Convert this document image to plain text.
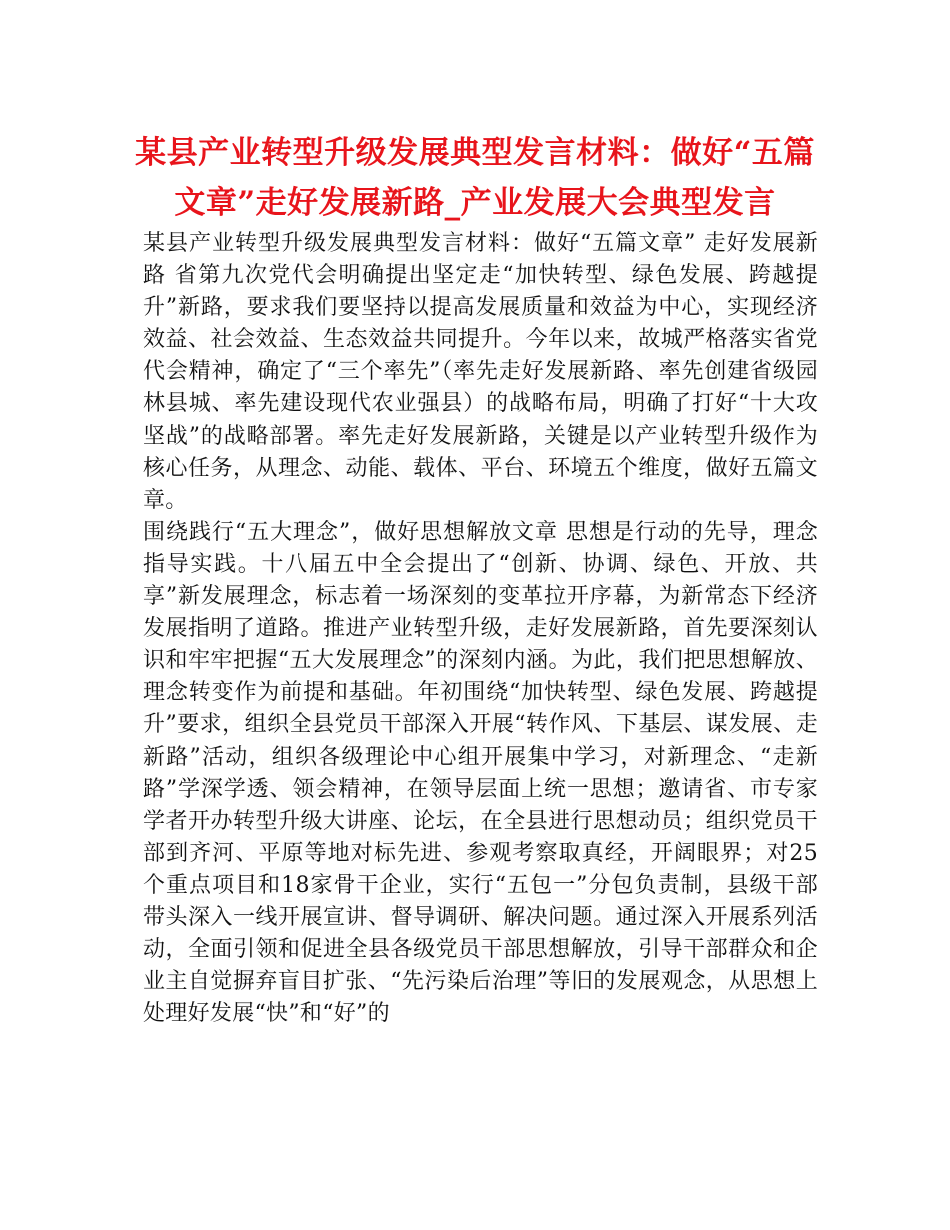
某县产业转型升级发展典型发言材料：做好“五篇文章”走好发展新路_产业发展大会典型发言

某县产业转型升级发展典型发言材料：做好“五篇文章” 走好发展新路 省第九次党代会明确提出坚定走“加快转型、绿色发展、跨越提升”新路，要求我们要坚持以提高发展质量和效益为中心，实现经济效益、社会效益、生态效益共同提升。今年以来，故城严格落实省党代会精神，确定了“三个率先”（率先走好发展新路、率先创建省级园林县城、率先建设现代农业强县）的战略布局，明确了打好“十大攻坚战”的战略部署。率先走好发展新路，关键是以产业转型升级作为核心任务，从理念、动能、载体、平台、环境五个维度，做好五篇文章。

围绕践行“五大理念”，做好思想解放文章 思想是行动的先导，理念指导实践。十八届五中全会提出了“创新、协调、绿色、开放、共享”新发展理念，标志着一场深刻的变革拉开序幕，为新常态下经济发展指明了道路。推进产业转型升级，走好发展新路，首先要深刻认识和牢牢把握“五大发展理念”的深刻内涵。为此，我们把思想解放、理念转变作为前提和基础。年初围绕“加快转型、绿色发展、跨越提升”要求，组织全县党员干部深入开展“转作风、下基层、谋发展、走新路”活动，组织各级理论中心组开展集中学习，对新理念、“走新路”学深学透、领会精神，在领导层面上统一思想；邀请省、市专家学者开办转型升级大讲座、论坛，在全县进行思想动员；组织党员干部到齐河、平原等地对标先进、参观考察取真经，开阔眼界；对25个重点项目和18家骨干企业，实行“五包一”分包负责制，县级干部带头深入一线开展宣讲、督导调研、解决问题。通过深入开展系列活动，全面引领和促进全县各级党员干部思想解放，引导干部群众和企业主自觉摒弃盲目扩张、“先污染后治理”等旧的发展观念，从思想上处理好发展“快”和“好”的
